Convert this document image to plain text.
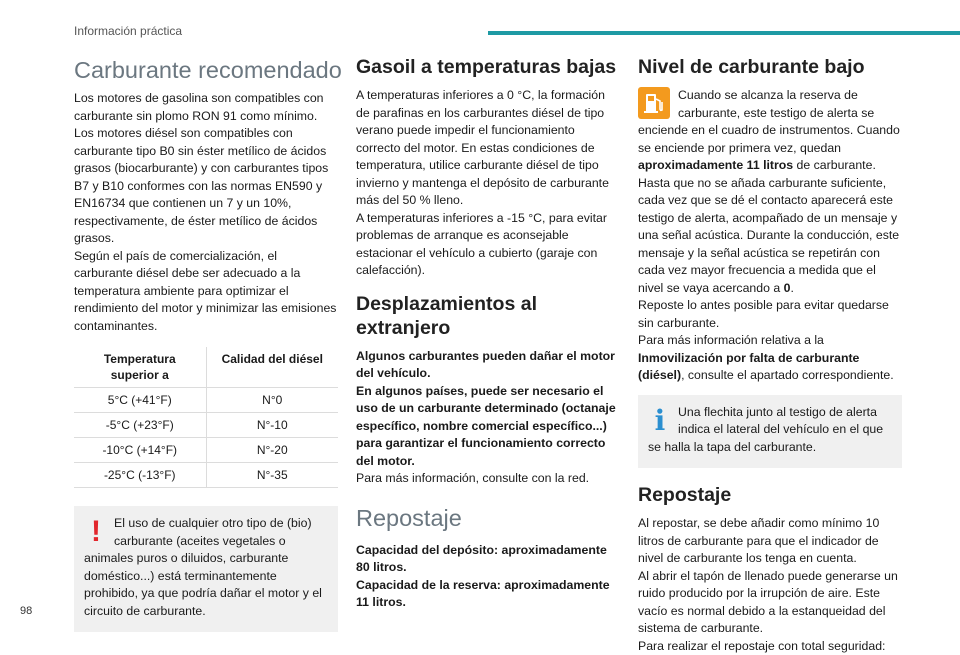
Información práctica
98
Carburante recomendado

Los motores de gasolina son compatibles con carburante sin plomo RON 91 como mínimo.

Los motores diésel son compatibles con carburante tipo B0 sin éster metílico de ácidos grasos (biocarburante) y con carburantes tipos B7 y B10 conformes con las normas EN590 y EN16734 que contienen un 7 y un 10%, respectivamente, de éster metílico de ácidos grasos.

Según el país de comercialización, el carburante diésel debe ser adecuado a la temperatura ambiente para optimizar el rendimiento del motor y minimizar las emisiones contaminantes.

Temperatura superior a	Calidad del diésel
5°C (+41°F)	N°0
-5°C (+23°F)	N°-10
-10°C (+14°F)	N°-20
-25°C (-13°F)	N°-35
!	El uso de cualquier otro tipo de (bio) carburante (aceites vegetales o animales puros o diluidos, carburante doméstico...) está terminantemente prohibido, ya que podría dañar el motor y el circuito de carburante.
Gasoil a temperaturas bajas

A temperaturas inferiores a 0 °C, la formación de parafinas en los carburantes diésel de tipo verano puede impedir el funcionamiento correcto del motor. En estas condiciones de temperatura, utilice carburante diésel de tipo invierno y mantenga el depósito de carburante más del 50 % lleno.

A temperaturas inferiores a -15 °C, para evitar problemas de arranque es aconsejable estacionar el vehículo a cubierto (garaje con calefacción).

Desplazamientos al extranjero

Algunos carburantes pueden dañar el motor del vehículo.

En algunos países, puede ser necesario el uso de un carburante determinado (octanaje específico, nombre comercial específico...) para garantizar el funcionamiento correcto del motor.

Para más información, consulte con la red.

Repostaje

Capacidad del depósito: aproximadamente 80 litros.

Capacidad de la reserva: aproximadamente 11 litros.

Nivel de carburante bajo

Cuando se alcanza la reserva de carburante, este testigo de alerta se enciende en el cuadro de instrumentos. Cuando se enciende por primera vez, quedan aproximadamente 11 litros de carburante.

Hasta que no se añada carburante suficiente, cada vez que se dé el contacto aparecerá este testigo de alerta, acompañado de un mensaje y una señal acústica. Durante la conducción, este mensaje y la señal acústica se repetirán con cada vez mayor frecuencia a medida que el nivel se vaya acercando a 0.

Reposte lo antes posible para evitar quedarse sin carburante.

Para más información relativa a la Inmovilización por falta de carburante (diésel), consulte el apartado correspondiente.

i	Una flechita junto al testigo de alerta indica el lateral del vehículo en el que se halla la tapa del carburante.
Repostaje

Al repostar, se debe añadir como mínimo 10 litros de carburante para que el indicador de nivel de carburante los tenga en cuenta.

Al abrir el tapón de llenado puede generarse un ruido producido por la irrupción de aire. Este vacío es normal debido a la estanqueidad del sistema de carburante.

Para realizar el repostaje con total seguridad:
